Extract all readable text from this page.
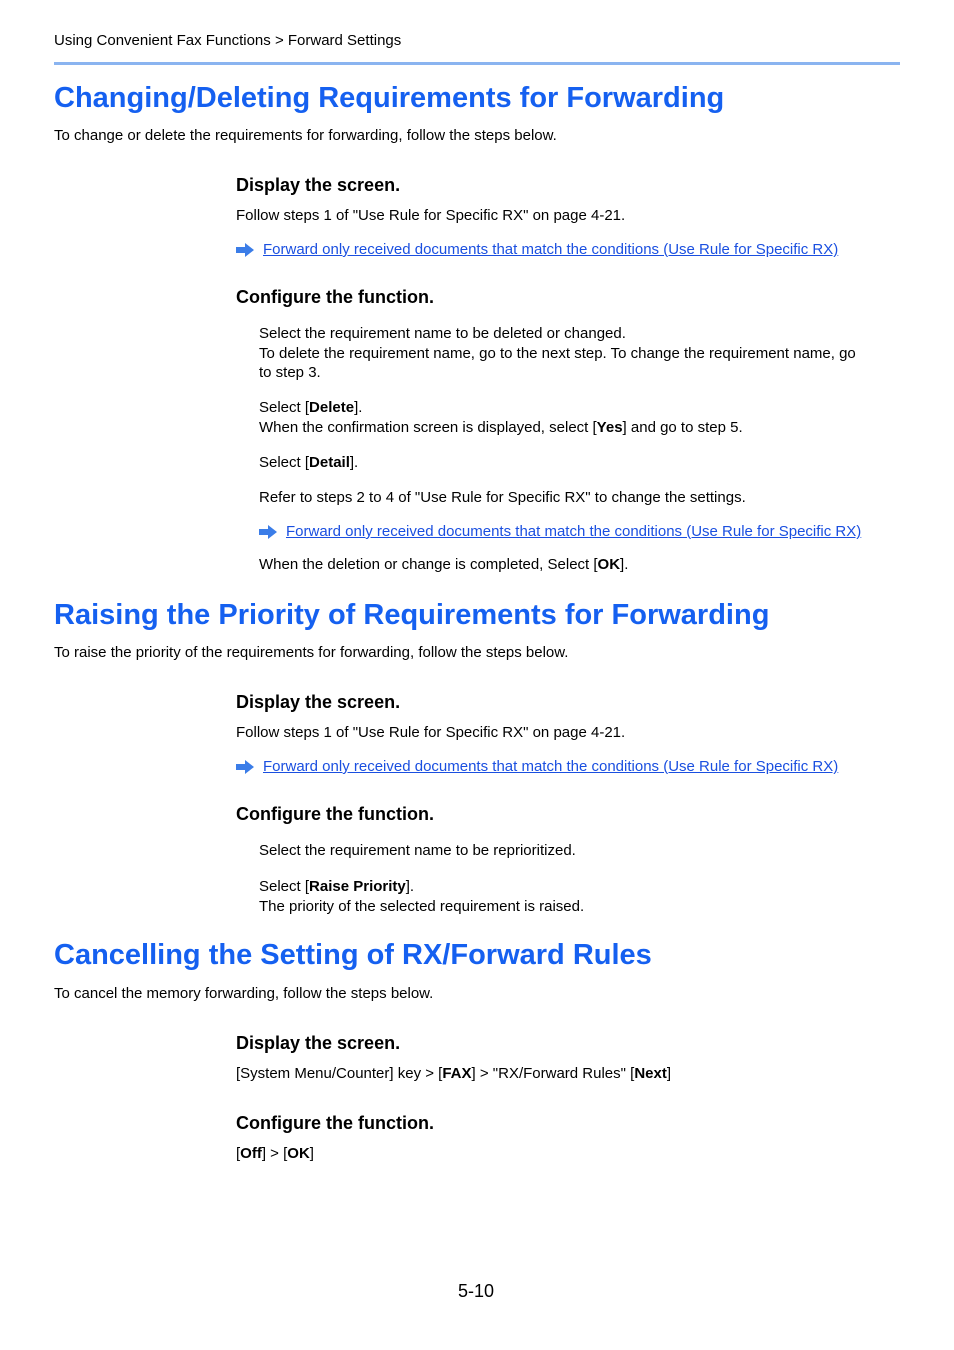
Using Convenient Fax Functions > Forward Settings
Changing/Deleting Requirements for Forwarding
To change or delete the requirements for forwarding, follow the steps below.
Display the screen.
Follow steps 1 of "Use Rule for Specific RX" on page 4-21.
Forward only received documents that match the conditions (Use Rule for Specific RX)
Configure the function.
Select the requirement name to be deleted or changed.
To delete the requirement name, go to the next step. To change the requirement name, go
to step 3.
Select [Delete].
When the confirmation screen is displayed, select [Yes] and go to step 5.
Select [Detail].
Refer to steps 2 to 4 of "Use Rule for Specific RX" to change the settings.
Forward only received documents that match the conditions (Use Rule for Specific RX)
When the deletion or change is completed, Select [OK].
Raising the Priority of Requirements for Forwarding
To raise the priority of the requirements for forwarding, follow the steps below.
Display the screen.
Follow steps 1 of "Use Rule for Specific RX" on page 4-21.
Forward only received documents that match the conditions (Use Rule for Specific RX)
Configure the function.
Select the requirement name to be reprioritized.
Select [Raise Priority].
The priority of the selected requirement is raised.
Cancelling the Setting of RX/Forward Rules
To cancel the memory forwarding, follow the steps below.
Display the screen.
[System Menu/Counter] key > [FAX] > "RX/Forward Rules" [Next]
Configure the function.
[Off] > [OK]
5-10
